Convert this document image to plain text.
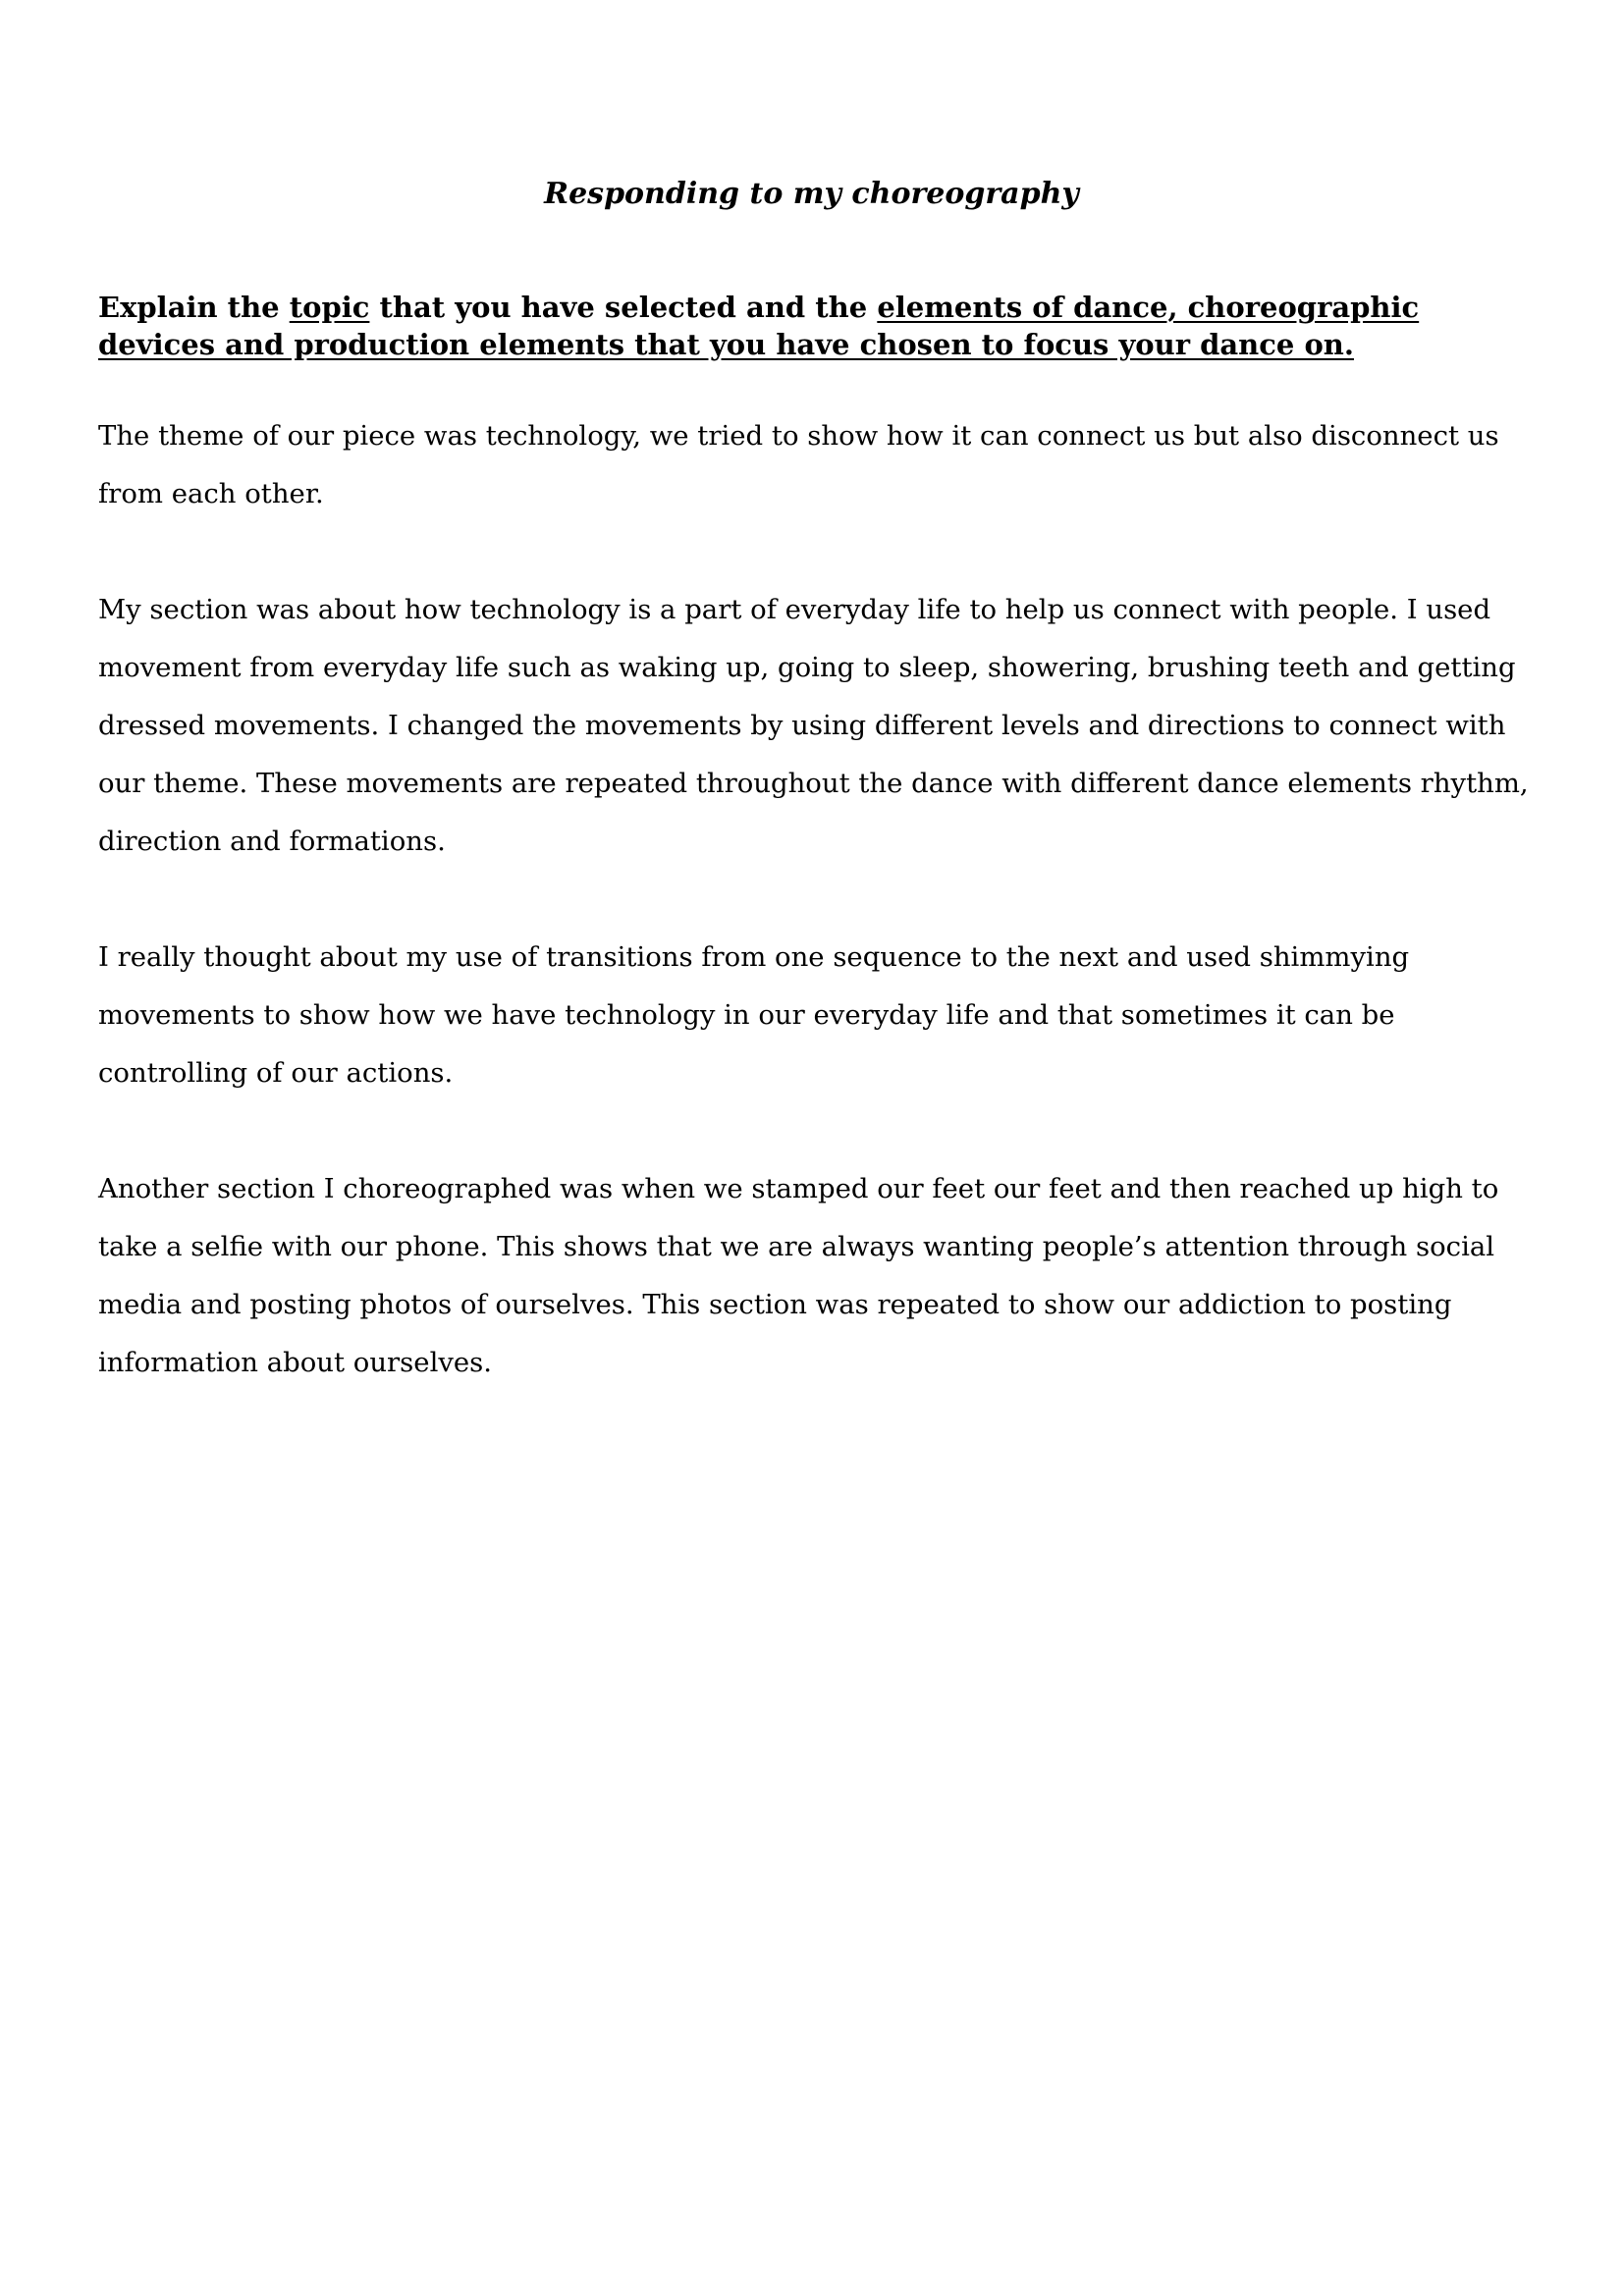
Responding to my choreography
Explain the topic that you have selected and the elements of dance, choreographic devices and production elements that you have chosen to focus your dance on.

The theme of our piece was technology, we tried to show how it can connect us but also disconnect us from each other.

My section was about how technology is a part of everyday life to help us connect with people. I used movement from everyday life such as waking up, going to sleep, showering, brushing teeth and getting dressed movements. I changed the movements by using different levels and directions to connect with our theme. These movements are repeated throughout the dance with different dance elements rhythm, direction and formations.

I really thought about my use of transitions from one sequence to the next and used shimmying movements to show how we have technology in our everyday life and that sometimes it can be controlling of our actions.

Another section I choreographed was when we stamped our feet our feet and then reached up high to take a selfie with our phone. This shows that we are always wanting people’s attention through social media and posting photos of ourselves. This section was repeated to show our addiction to posting information about ourselves.
